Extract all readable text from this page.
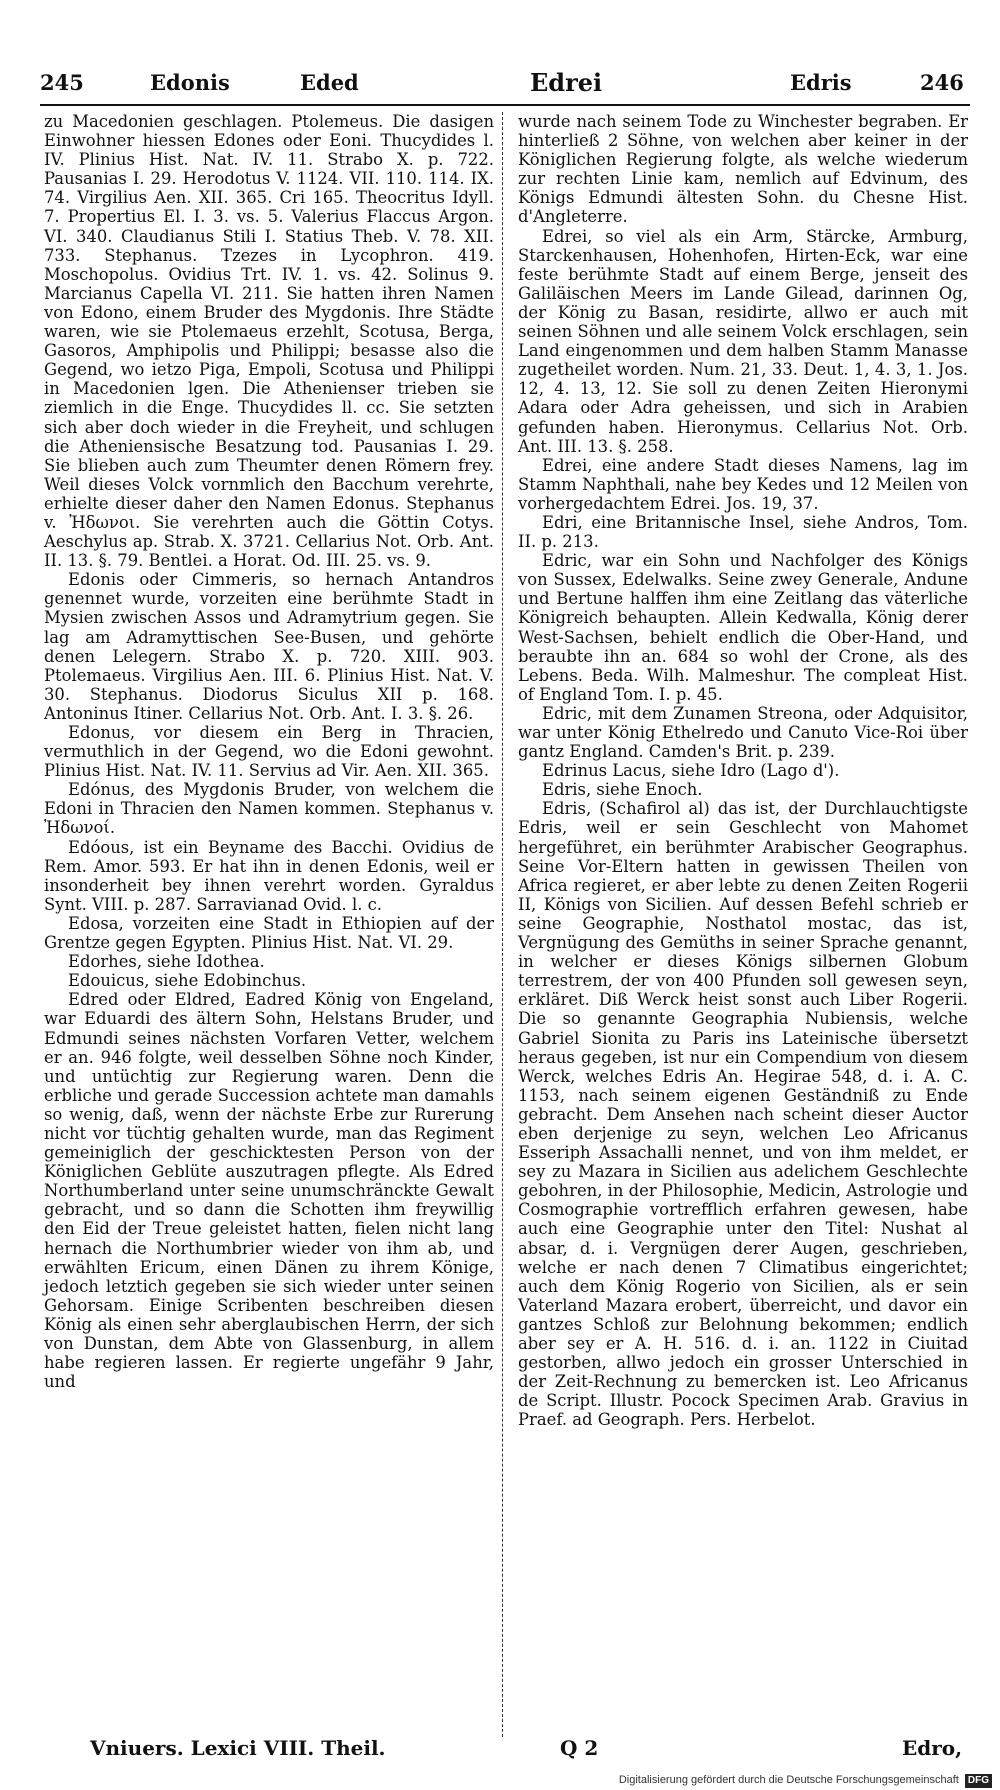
245	Edonis	Eded	Edrei	Edris	246

zu Macedonien geschlagen. Ptolemeus. Die dasigen Einwohner hiessen Edones oder Eoni. Thucydides l. IV. Plinius Hist. Nat. IV. 11. Strabo X. p. 722. Pausanias I. 29. Herodotus V. 1124. VII. 110. 114. IX. 74. Virgilius Aen. XII. 365. Cri 165. Theocritus Idyll. 7. Propertius El. I. 3. vs. 5. Valerius Flaccus Argon. VI. 340. Claudianus Stili I. Statius Theb. V. 78. XII. 733. Stephanus. Tzezes in Lycophron. 419. Moschopolus. Ovidius Trt. IV. 1. vs. 42. Solinus 9. Marcianus Capella VI. 211. Sie hatten ihren Namen von Edono, einem Bruder des Mygdonis. Ihre Städte waren, wie sie Ptolemaeus erzehlt, Scotusa, Berga, Gasoros, Amphipolis und Philippi; besasse also die Gegend, wo ietzo Piga, Empoli, Scotusa und Philippi in Macedonien lgen. Die Athenienser trieben sie ziemlich in die Enge. Thucydides ll. cc. Sie setzten sich aber doch wieder in die Freyheit, und schlugen die Atheniensische Besatzung tod. Pausanias I. 29. Sie blieben auch zum Theumter denen Römern frey. Weil dieses Volck vornmlich den Bacchum verehrte, erhielte dieser daher den Namen Edonus. Stephanus v. Ἠδωνοι. Sie verehrten auch die Göttin Cotys. Aeschylus ap. Strab. X. 3721. Cellarius Not. Orb. Ant. II. 13. §. 79. Bentlei. a Horat. Od. III. 25. vs. 9.

Edonis oder Cimmeris, so hernach Antandros genennet wurde, vorzeiten eine berühmte Stadt in Mysien zwischen Assos und Adramytrium gegen. Sie lag am Adramyttischen See-Busen, und gehörte denen Lelegern. Strabo X. p. 720. XIII. 903. Ptolemaeus. Virgilius Aen. III. 6. Plinius Hist. Nat. V. 30. Stephanus. Diodorus Siculus XII p. 168. Antoninus Itiner. Cellarius Not. Orb. Ant. I. 3. §. 26.

Edonus, vor diesem ein Berg in Thracien, vermuthlich in der Gegend, wo die Edoni gewohnt. Plinius Hist. Nat. IV. 11. Servius ad Vir. Aen. XII. 365.

Edónus, des Mygdonis Bruder, von welchem die Edoni in Thracien den Namen kommen. Stephanus v. Ἠδωνοί.

Edóous, ist ein Beyname des Bacchi. Ovidius de Rem. Amor. 593. Er hat ihn in denen Edonis, weil er insonderheit bey ihnen verehrt worden. Gyraldus Synt. VIII. p. 287. Sarravianad Ovid. l. c.

Edosa, vorzeiten eine Stadt in Ethiopien auf der Grentze gegen Egypten. Plinius Hist. Nat. VI. 29.

Edorhes, siehe Idothea.

Edouicus, siehe Edobinchus.

Edred oder Eldred, Eadred König von Engeland, war Eduardi des ältern Sohn, Helstans Bruder, und Edmundi seines nächsten Vorfaren Vetter, welchem er an. 946 folgte, weil desselben Söhne noch Kinder, und untüchtig zur Regierung waren. Denn die erbliche und gerade Succession achtete man damahls so wenig, daß, wenn der nächste Erbe zur Rurerung nicht vor tüchtig gehalten wurde, man das Regiment gemeiniglich der geschicktesten Person von der Königlichen Geblüte auszutragen pflegte. Als Edred Northumberland unter seine unumschränckte Gewalt gebracht, und so dann die Schotten ihm freywillig den Eid der Treue geleistet hatten, fielen nicht lang hernach die Northumbrier wieder von ihm ab, und erwählten Ericum, einen Dänen zu ihrem Könige, jedoch letztich gegeben sie sich wieder unter seinen Gehorsam. Einige Scribenten beschreiben diesen König als einen sehr aberglaubischen Herrn, der sich von Dunstan, dem Abte von Glassenburg, in allem habe regieren lassen. Er regierte ungefähr 9 Jahr, und

wurde nach seinem Tode zu Winchester begraben. Er hinterließ 2 Söhne, von welchen aber keiner in der Königlichen Regierung folgte, als welche wiederum zur rechten Linie kam, nemlich auf Edvinum, des Königs Edmundi ältesten Sohn. du Chesne Hist. d'Angleterre.

Edrei, so viel als ein Arm, Stärcke, Armburg, Starckenhausen, Hohenhofen, Hirten-Eck, war eine feste berühmte Stadt auf einem Berge, jenseit des Galiläischen Meers im Lande Gilead, darinnen Og, der König zu Basan, residirte, allwo er auch mit seinen Söhnen und alle seinem Volck erschlagen, sein Land eingenommen und dem halben Stamm Manasse zugetheilet worden. Num. 21, 33. Deut. 1, 4. 3, 1. Jos. 12, 4. 13, 12. Sie soll zu denen Zeiten Hieronymi Adara oder Adra geheissen, und sich in Arabien gefunden haben. Hieronymus. Cellarius Not. Orb. Ant. III. 13. §. 258.

Edrei, eine andere Stadt dieses Namens, lag im Stamm Naphthali, nahe bey Kedes und 12 Meilen von vorhergedachtem Edrei. Jos. 19, 37.

Edri, eine Britannische Insel, siehe Andros, Tom. II. p. 213.

Edric, war ein Sohn und Nachfolger des Königs von Sussex, Edelwalks. Seine zwey Generale, Andune und Bertune halffen ihm eine Zeitlang das väterliche Königreich behaupten. Allein Kedwalla, König derer West-Sachsen, behielt endlich die Ober-Hand, und beraubte ihn an. 684 so wohl der Crone, als des Lebens. Beda. Wilh. Malmeshur. The compleat Hist. of England Tom. I. p. 45.

Edric, mit dem Zunamen Streona, oder Adquisitor, war unter König Ethelredo und Canuto Vice-Roi über gantz England. Camden's Brit. p. 239.

Edrinus Lacus, siehe Idro (Lago d').

Edris, siehe Enoch.

Edris, (Schafirol al) das ist, der Durchlauchtigste Edris, weil er sein Geschlecht von Mahomet hergeführet, ein berühmter Arabischer Geographus. Seine Vor-Eltern hatten in gewissen Theilen von Africa regieret, er aber lebte zu denen Zeiten Rogerii II, Königs von Sicilien. Auf dessen Befehl schrieb er seine Geographie, Nosthatol mostac, das ist, Vergnügung des Gemüths in seiner Sprache genannt, in welcher er dieses Königs silbernen Globum terrestrem, der von 400 Pfunden soll gewesen seyn, erkläret. Diß Werck heist sonst auch Liber Rogerii. Die so genannte Geographia Nubiensis, welche Gabriel Sionita zu Paris ins Lateinische übersetzt heraus gegeben, ist nur ein Compendium von diesem Werck, welches Edris An. Hegirae 548, d. i. A. C. 1153, nach seinem eigenen Geständniß zu Ende gebracht. Dem Ansehen nach scheint dieser Auctor eben derjenige zu seyn, welchen Leo Africanus Esseriph Assachalli nennet, und von ihm meldet, er sey zu Mazara in Sicilien aus adelichem Geschlechte gebohren, in der Philosophie, Medicin, Astrologie und Cosmographie vortrefflich erfahren gewesen, habe auch eine Geographie unter den Titel: Nushat al absar, d. i. Vergnügen derer Augen, geschrieben, welche er nach denen 7 Climatibus eingerichtet; auch dem König Rogerio von Sicilien, als er sein Vaterland Mazara erobert, überreicht, und davor ein gantzes Schloß zur Belohnung bekommen; endlich aber sey er A. H. 516. d. i. an. 1122 in Ciuitad gestorben, allwo jedoch ein grosser Unterschied in der Zeit-Rechnung zu bemercken ist. Leo Africanus de Script. Illustr. Pocock Specimen Arab. Gravius in Praef. ad Geograph. Pers. Herbelot.

Vniuers. Lexici VIII. Theil.	Q 2	Edro,
Digitalisierung gefördert durch die Deutsche Forschungsgemeinschaft DFG
